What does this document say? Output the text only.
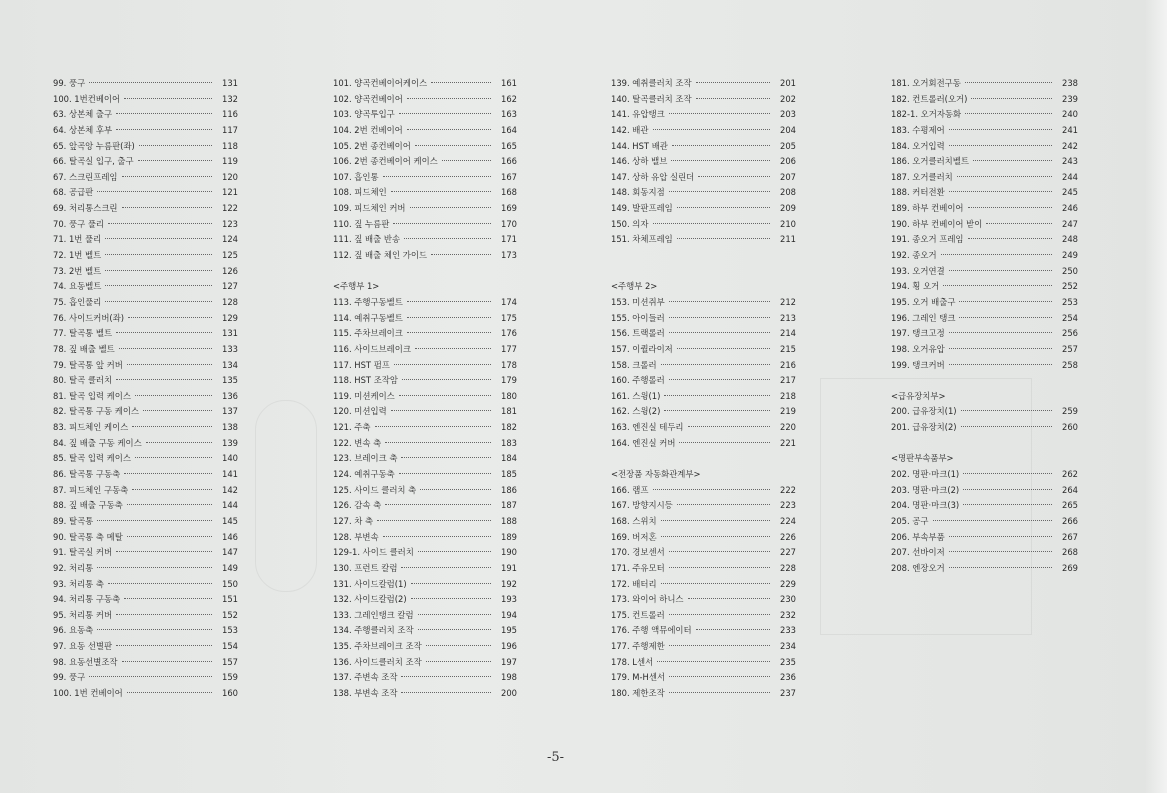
99. 풍구	131
100. 1번컨베이어	132
63. 상본체 출구	116
64. 상본체 후부	117
65. 앞곡앙 누름판(좌)	118
66. 탈곡실 입구, 출구	119
67. 스크린프레임	120
68. 공급판	121
69. 처리통스크린	122
70. 풍구 풀리	123
71. 1번 풀리	124
72. 1번 벨트	125
73. 2번 벨트	126
74. 요동벨트	127
75. 흡인풀리	128
76. 사이드커버(좌)	129
77. 탈곡통 벨트	131
78. 짚 배출 벨트	133
79. 탈곡통 앞 커버	134
80. 탈곡 클러치	135
81. 탈곡 입력 케이스	136
82. 탈곡통 구동 케이스	137
83. 피드체인 케이스	138
84. 짚 배출 구동 케이스	139
85. 탈곡 입력 케이스	140
86. 탈곡통 구동축	141
87. 피드체인 구동축	142
88. 짚 배출 구동축	144
89. 탈곡통	145
90. 탈곡통 축 메탈	146
91. 탈곡실 커버	147
92. 처리통	149
93. 처리통 축	150
94. 처리통 구동축	151
95. 처리통 커버	152
96. 요동축	153
97. 요동 선별판	154
98. 요동선별조작	157
99. 풍구	159
100. 1번 컨베이어	160
101. 양곡컨베이어케이스	161
102. 양곡컨베이어	162
103. 양곡투입구	163
104. 2번 컨베이어	164
105. 2번 종컨베이어	165
106. 2번 종컨베이어 케이스	166
107. 흡인통	167
108. 피드체인	168
109. 피드체인 커버	169
110. 짚 누름판	170
111. 짚 배출 반송	171
112. 짚 배출 체인 가이드	173
<주행부 1>
113. 주행구동벨트	174
114. 예취구동벨트	175
115. 주차브레이크	176
116. 사이드브레이크	177
117. HST 펌프	178
118. HST 조작암	179
119. 미션케이스	180
120. 미션입력	181
121. 주축	182
122. 변속 축	183
123. 브레이크 축	184
124. 예취구동축	185
125. 사이드 클러치 축	186
126. 감속 축	187
127. 차 축	188
128. 부변속	189
129-1. 사이드 클러치	190
130. 프런트 칼럼	191
131. 사이드칼럼(1)	192
132. 사이드칼럼(2)	193
133. 그레인탱크 칼럼	194
134. 주행클러치 조작	195
135. 주차브레이크 조작	196
136. 사이드클러치 조작	197
137. 주변속 조작	198
138. 부변속 조작	200
139. 예취클러치 조작	201
140. 탈곡클러치 조작	202
141. 유압탱크	203
142. 배관	204
144. HST 배관	205
146. 상하 밸브	206
147. 상하 유압 실린더	207
148. 회동지점	208
149. 발판프레임	209
150. 의자	210
151. 차체프레임	211
<주행부 2>
153. 미션쥐부	212
155. 아이들러	213
156. 트랙롤러	214
157. 이퀄라이저	215
158. 크롤러	216
160. 주행롤러	217
161. 스윙(1)	218
162. 스윙(2)	219
163. 엔진실 테두리	220
164. 엔진실 커버	221
<전장품 자동화관계부>
166. 램프	222
167. 방향지시등	223
168. 스위치	224
169. 버저혼	226
170. 경보센서	227
171. 주유모터	228
172. 배터리	229
173. 와이어 하니스	230
175. 컨트롤러	232
176. 주행 액뮤에이터	233
177. 주행제한	234
178. L센서	235
179. M-H센서	236
180. 제한조작	237
181. 오거회전구동	238
182. 컨트롤러(오거)	239
182-1. 오거자동화	240
183. 수평제어	241
184. 오거입력	242
186. 오거클러치벨트	243
187. 오거클러치	244
188. 커터전환	245
189. 하부 컨베이어	246
190. 하부 컨베이어 받이	247
191. 종오거 프레임	248
192. 종오거	249
193. 오거연결	250
194. 횡 오거	252
195. 오거 배출구	253
196. 그레인 탱크	254
197. 탱크고정	256
198. 오거유압	257
199. 탱크커버	258
<급유장치부>
200. 급유장치(1)	259
201. 급유장치(2)	260
<명판부속품부>
202. 명판·마크(1)	262
203. 명판·마크(2)	264
204. 명판·마크(3)	265
205. 공구	266
206. 부속부품	267
207. 선바이저	268
208. 엔장오거	269
-5-
